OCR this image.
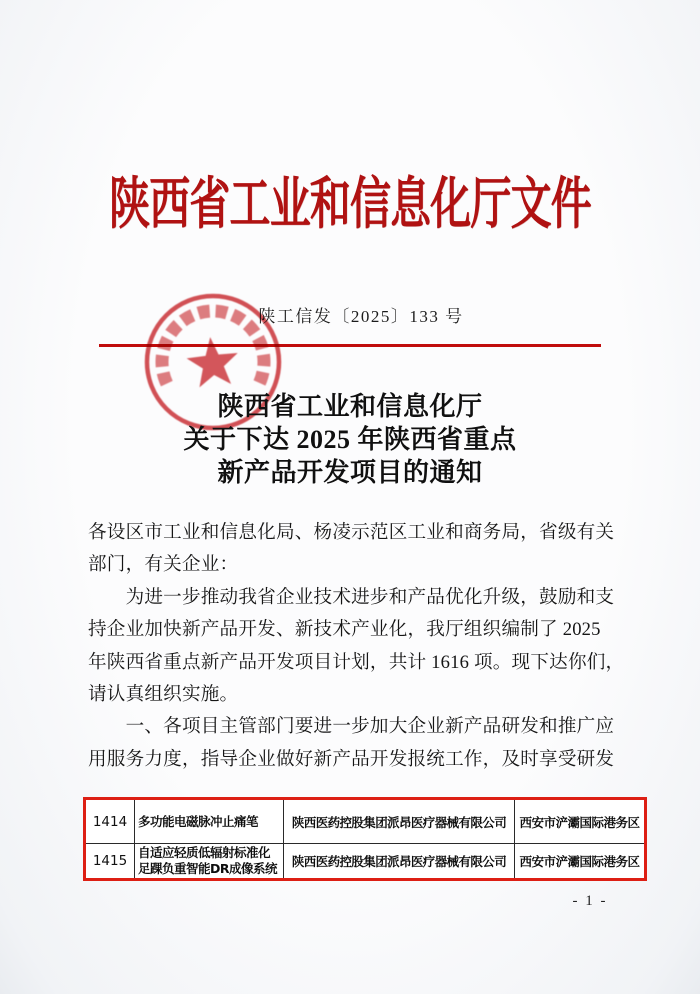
陕西省工业和信息化厅文件
陕工信发〔2025〕133 号
陕西省工业和信息化厅
关于下达 2025 年陕西省重点
新产品开发项目的通知
各设区市工业和信息化局、杨凌示范区工业和商务局，省级有关
部门，有关企业：
　　为进一步推动我省企业技术进步和产品优化升级，鼓励和支
持企业加快新产品开发、新技术产业化，我厅组织编制了 2025
年陕西省重点新产品开发项目计划，共计 1616 项。现下达你们，
请认真组织实施。
　　一、各项目主管部门要进一步加大企业新产品研发和推广应
用服务力度，指导企业做好新产品开发报统工作，及时享受研发
1414	多功能电磁脉冲止痛笔	陕西医药控股集团派昂医疗器械有限公司	西安市浐灞国际港务区
1415	自适应轻质低辐射标准化足踝负重智能DR成像系统	陕西医药控股集团派昂医疗器械有限公司	西安市浐灞国际港务区
- 1 -
